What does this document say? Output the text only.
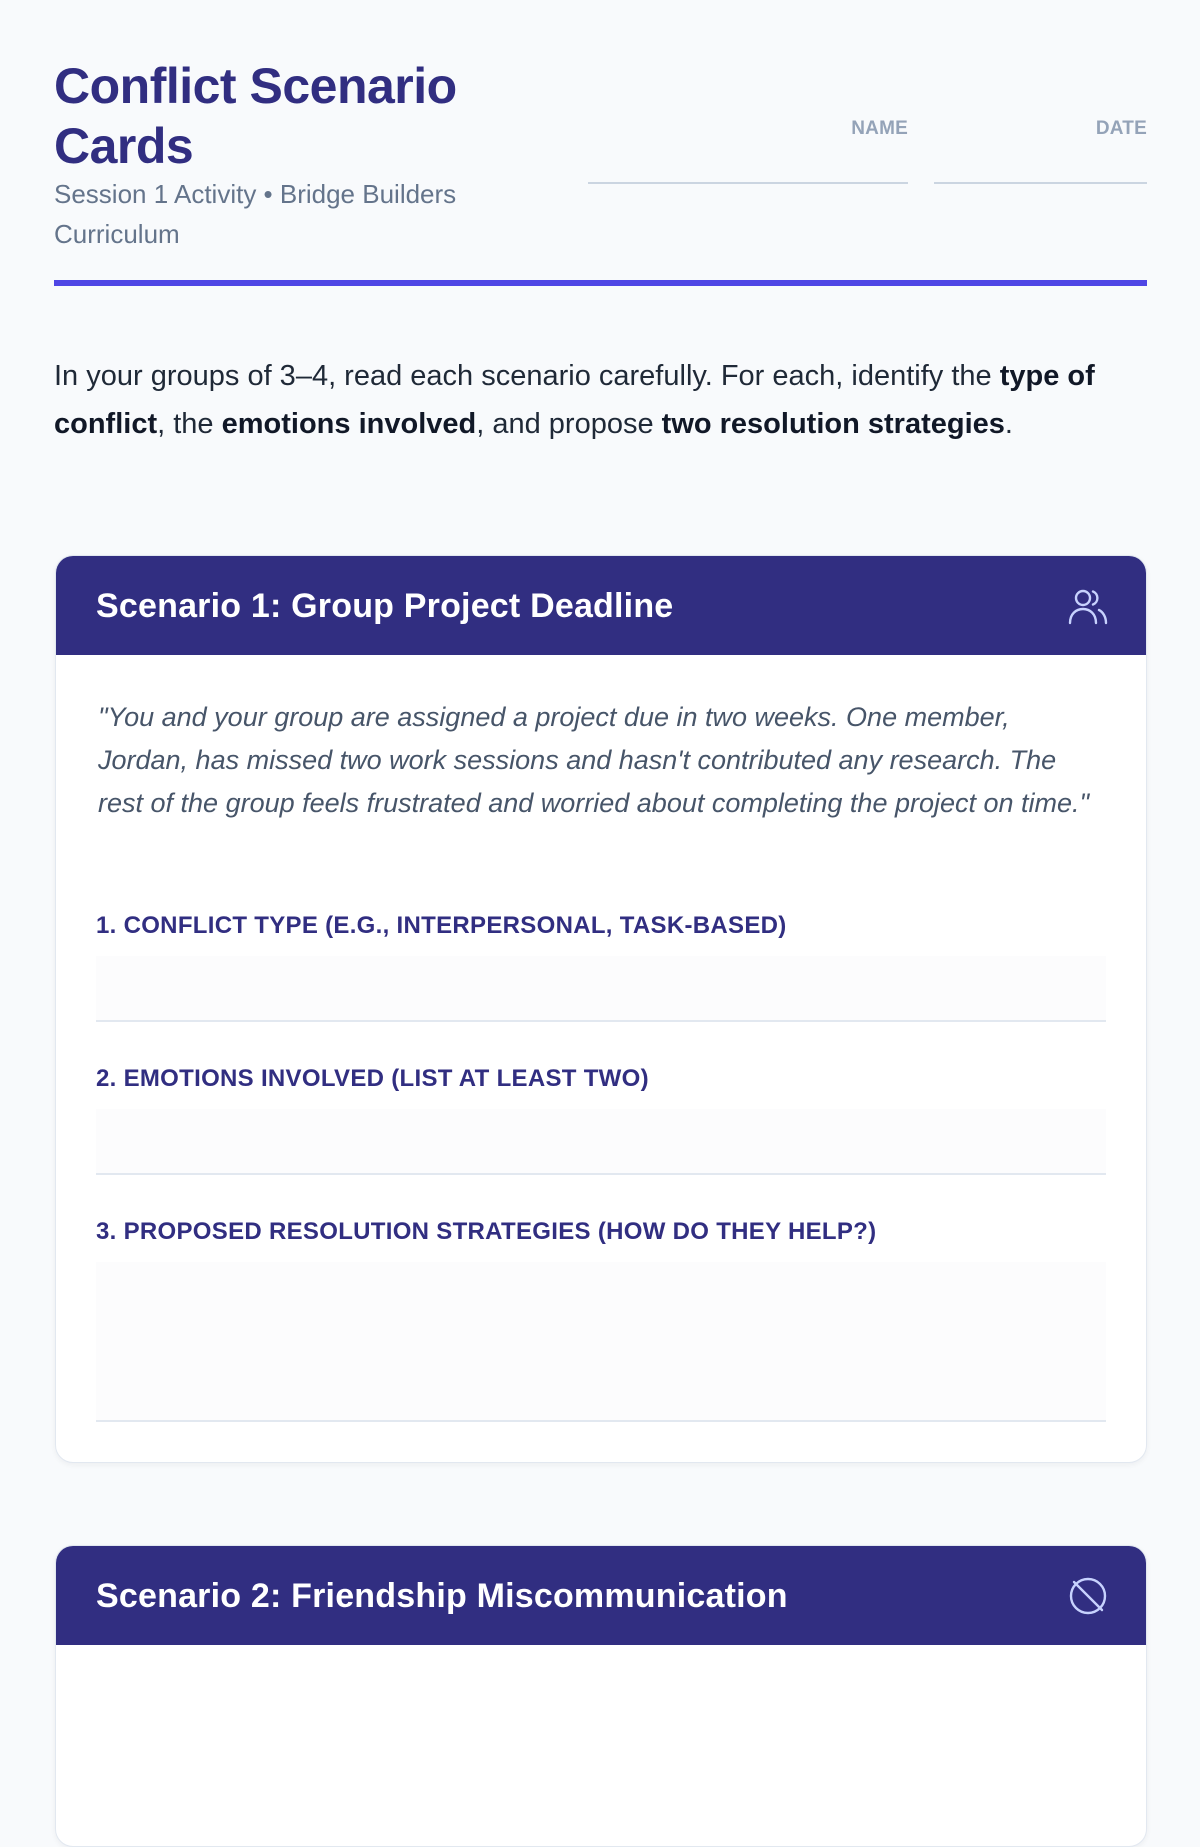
Conflict Scenario Cards

Session 1 Activity • Bridge Builders Curriculum

NAME	DATE

In your groups of 3–4, read each scenario carefully. For each, identify the type of conflict, the emotions involved, and propose two resolution strategies.

Scenario 1: Group Project Deadline

"You and your group are assigned a project due in two weeks. One member, Jordan, has missed two work sessions and hasn't contributed any research. The rest of the group feels frustrated and worried about completing the project on time."

1. CONFLICT TYPE (E.G., INTERPERSONAL, TASK-BASED)
2. EMOTIONS INVOLVED (LIST AT LEAST TWO)
3. PROPOSED RESOLUTION STRATEGIES (HOW DO THEY HELP?)
Scenario 2: Friendship Miscommunication
